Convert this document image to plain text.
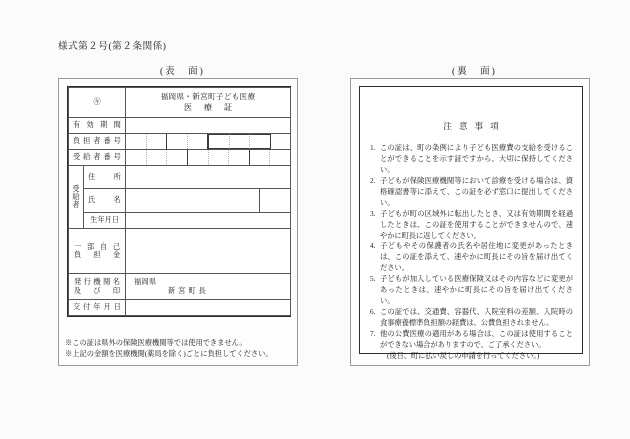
様式第２号(第２条関係)
(表　面)	(裏　面)
㋖		福岡県・新宮町子ども医療
医療証	

有効期間			
負担者番号			

受給者番号			

受
給
者	住所		
	氏名		
	生年月日		

一部自己
負担金			

発行機関名
及び印		福岡県
新宮町長	

交付年月日			
※この証は県外の保険医療機関等では使用できません。
※上記の金額を医療機関(薬局を除く)ごとに負担してください。
注意事項
1. この証は、町の条例により子ども医療費の支給を受けることができることを示す証ですから、大切に保持してください。
2. 子どもが保険医療機関等において診療を受ける場合は、資格確認書等に添えて、この証を必ず窓口に提出してください。
3. 子どもが町の区域外に転出したとき、又は有効期間を経過したときは、この証を使用することができませんので、速やかに町長に返してください。
4. 子どもやその保護者の氏名や居住地に変更があったときは、この証を添えて、速やかに町長にその旨を届け出てください。
5. 子どもが加入している医療保険又はその内容などに変更があったときは、速やかに町長にその旨を届け出てください。
6. この証では、交通費、容器代、入院室料の差額、入院時の食事療養標準負担額の経費は、公費負担されません。
7. 他の公費医療の適用がある場合は、この証は使用することができない場合がありますので、ご了承ください。
(後日、町に払い戻しの申請を行ってください。)
